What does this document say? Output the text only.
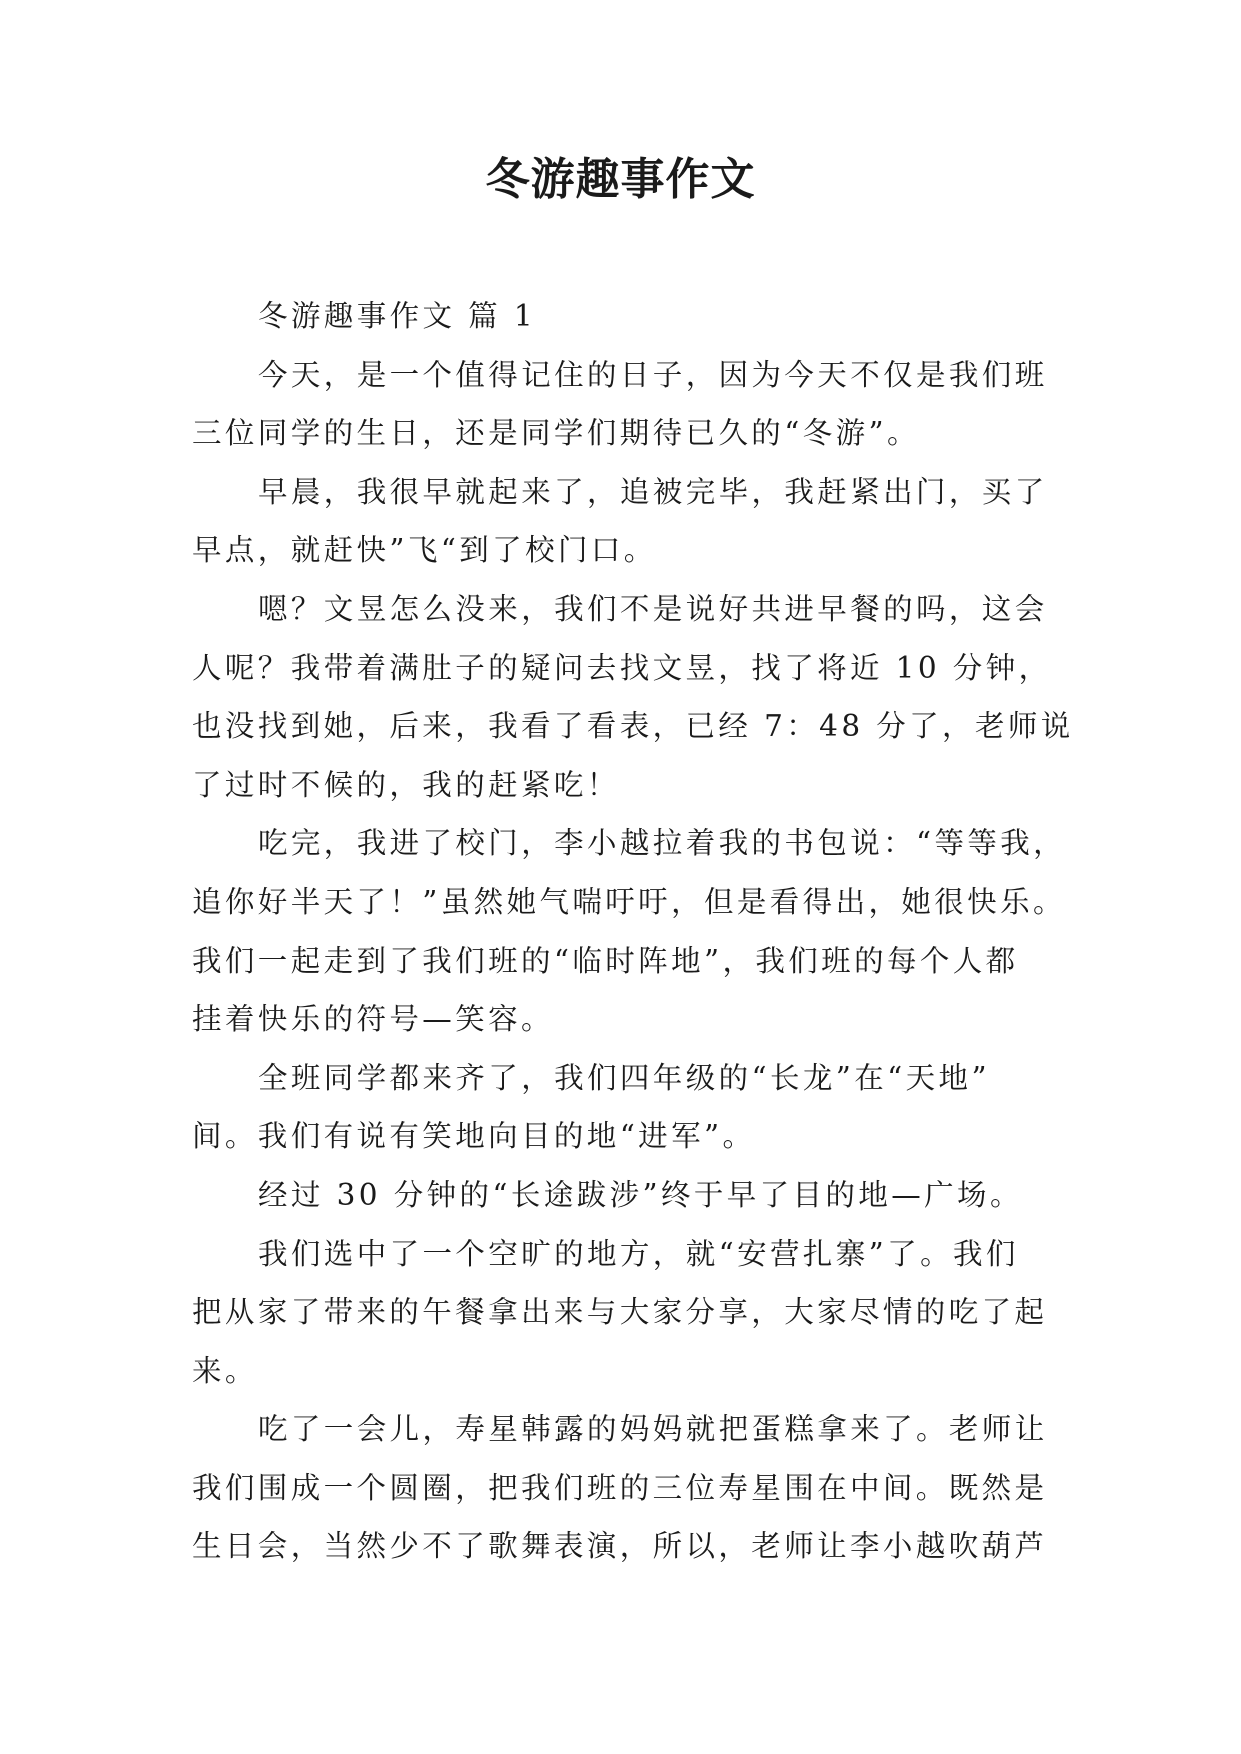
冬游趣事作文
冬游趣事作文 篇 1
今天，是一个值得记住的日子，因为今天不仅是我们班
三位同学的生日，还是同学们期待已久的“冬游”。
早晨，我很早就起来了，追被完毕，我赶紧出门，买了
早点，就赶快”飞“到了校门口。
嗯？文昱怎么没来，我们不是说好共进早餐的吗，这会
人呢？我带着满肚子的疑问去找文昱，找了将近 10 分钟，
也没找到她，后来，我看了看表，已经 7：48 分了，老师说
了过时不候的，我的赶紧吃！
吃完，我进了校门，李小越拉着我的书包说：“等等我，
追你好半天了！”虽然她气喘吁吁，但是看得出，她很快乐。
我们一起走到了我们班的“临时阵地”，我们班的每个人都
挂着快乐的符号—笑容。
全班同学都来齐了，我们四年级的“长龙”在“天地”
间。我们有说有笑地向目的地“进军”。
经过 30 分钟的“长途跋涉”终于早了目的地—广场。
我们选中了一个空旷的地方，就“安营扎寨”了。我们
把从家了带来的午餐拿出来与大家分享，大家尽情的吃了起
来。
吃了一会儿，寿星韩露的妈妈就把蛋糕拿来了。老师让
我们围成一个圆圈，把我们班的三位寿星围在中间。既然是
生日会，当然少不了歌舞表演，所以，老师让李小越吹葫芦
